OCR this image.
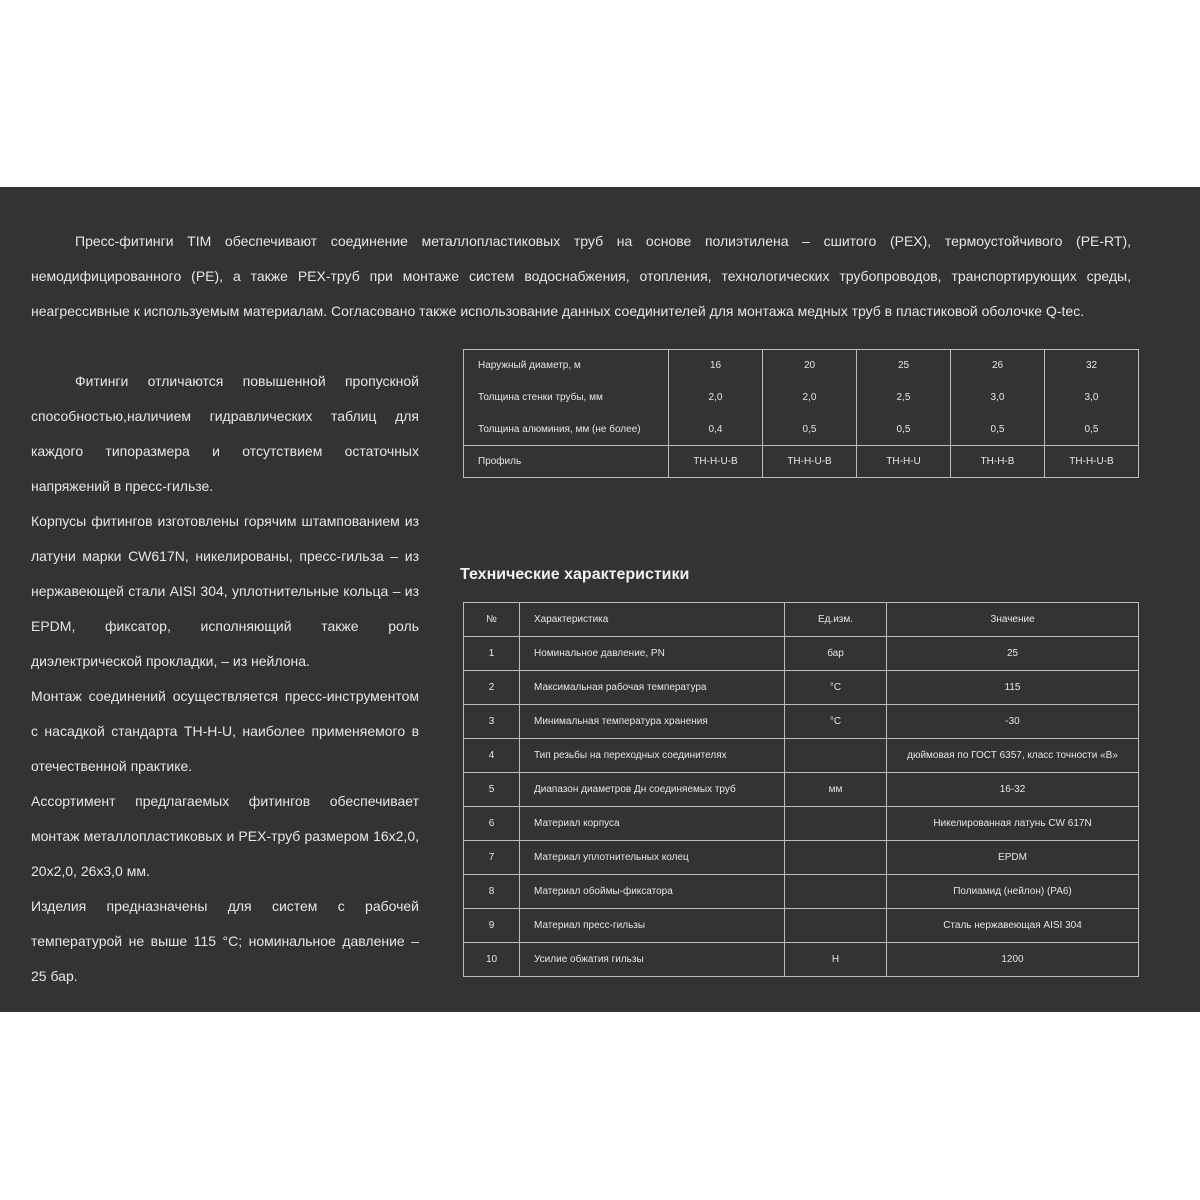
Пресс-фитинги TIM обеспечивают соединение металлопластиковых труб на основе полиэтилена – сшитого (PEX), термоустойчивого (PE-RT), немодифицированного (PE), а также PEX-труб при монтаже систем водоснабжения, отопления, технологических трубопроводов, транспортирующих среды, неагрессивные к используемым материалам. Согласовано также использование данных соединителей для монтажа медных труб в пластиковой оболочке Q-tec.

Фитинги отличаются повышенной пропускной способностью,наличием гидравлических таблиц для каждого типоразмера и отсутствием остаточных напряжений в пресс-гильзе.

Корпусы фитингов изготовлены горячим штампованием из латуни марки CW617N, никелированы, пресс-гильза – из нержавеющей стали AISI 304, уплотнительные кольца – из EPDM, фиксатор, исполняющий также роль диэлектрической прокладки, – из нейлона.

Монтаж соединений осуществляется пресс-инструментом с насадкой стандарта TH-H-U, наиболее применяемого в отечественной практике.

Ассортимент предлагаемых фитингов обеспечивает монтаж металлопластиковых и PEX-труб размером 16x2,0, 20x2,0, 26x3,0 мм.

Изделия предназначены для систем с рабочей температурой не выше 115 °С; номинальное давление – 25 бар.

Наружный диаметр, м	16	20	25	26	32
Толщина стенки трубы, мм	2,0	2,0	2,5	3,0	3,0
Толщина алюминия, мм (не более)	0,4	0,5	0,5	0,5	0,5
Профиль	TH-H-U-B	TH-H-U-B	TH-H-U	TH-H-B	TH-H-U-B
Технические характеристики
№	Характеристика	Ед.изм.	Значение
1	Номинальное давление, PN	бар	25
2	Максимальная рабочая температура	°С	115
3	Минимальная температура хранения	°С	-30
4	Тип резьбы на переходных соединителях		дюймовая по ГОСТ 6357, класс точности «В»
5	Диапазон диаметров Дн соединяемых труб	мм	16-32
6	Материал корпуса		Никелированная латунь CW 617N
7	Материал уплотнительных колец		EPDM
8	Материал обоймы-фиксатора		Полиамид (нейлон) (PA6)
9	Материал пресс-гильзы		Сталь нержавеющая AISI 304
10	Усилие обжатия гильзы	Н	1200
